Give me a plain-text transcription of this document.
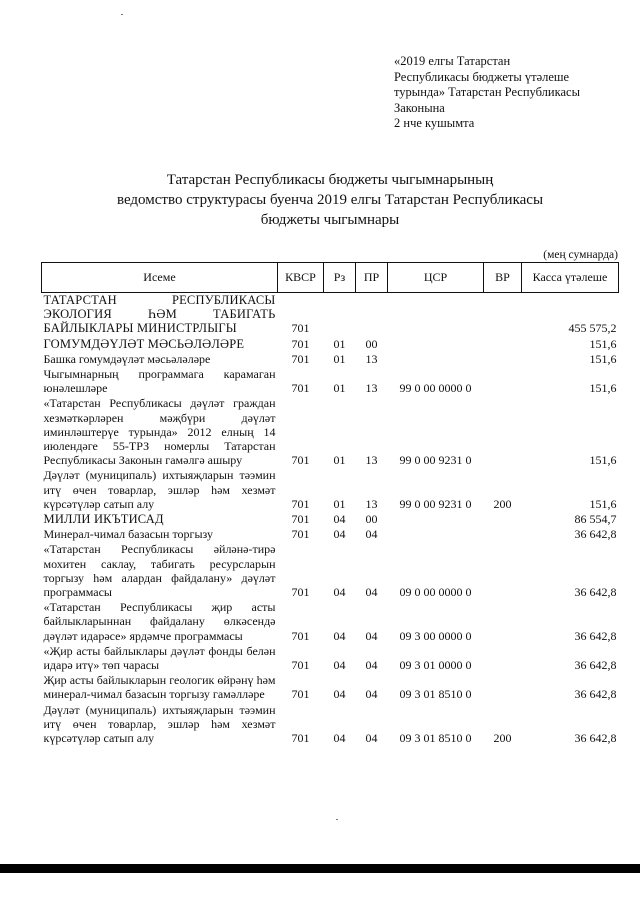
«2019 елгы Татарстан
Республикасы бюджеты үтәлеше
турында» Татарстан Республикасы
Законына
2 нче кушымта
Татарстан Республикасы бюджеты чыгымнарының
ведомство структурасы буенча 2019 елгы Татарстан Республикасы
бюджеты чыгымнары
(мең сумнарда)
Исеме	КВСР	Рз	ПР	ЦСР	ВР	Касса үтәлеше
ТАТАРСТАН РЕСПУБЛИКАСЫ ЭКОЛОГИЯ ҺӘМ ТАБИГАТЬ БАЙЛЫКЛАРЫ МИНИСТРЛЫГЫ	701					455 575,2
ГОМУМДӘҮЛӘТ МӘСЬӘЛӘЛӘРЕ	701	01	00			151,6
Башка гомумдәүләт мәсьәләләре	701	01	13			151,6
Чыгымнарның программага карамаган юнәлешләре	701	01	13	99 0 00 0000 0		151,6
«Татарстан Республикасы дәүләт граждан хезмәткәрләрен мәҗбүри дәүләт иминләштерүе турында» 2012 елның 14 июлендәге 55-ТРЗ номерлы Татарстан Республикасы Законын гамәлгә ашыру	701	01	13	99 0 00 9231 0		151,6
Дәүләт (муниципаль) ихтыяҗларын тәэмин итү өчен товарлар, эшләр һәм хезмәт күрсәтүләр сатып алу	701	01	13	99 0 00 9231 0	200	151,6
МИЛЛИ ИКЪТИСАД	701	04	00			86 554,7
Минерал-чимал базасын торгызу	701	04	04			36 642,8
«Татарстан Республикасы әйләнә-тирә мохитен саклау, табигать ресурсларын торгызу һәм алардан файдалану» дәүләт программасы	701	04	04	09 0 00 0000 0		36 642,8
«Татарстан Республикасы җир асты байлыкларыннан файдалану өлкәсендә дәүләт идарәсе» ярдәмче программасы	701	04	04	09 3 00 0000 0		36 642,8
«Җир асты байлыклары дәүләт фонды белән идарә итү» төп чарасы	701	04	04	09 3 01 0000 0		36 642,8
Җир асты байлыкларын геологик өйрәнү һәм минерал-чимал базасын торгызу гамәлләре	701	04	04	09 3 01 8510 0		36 642,8
Дәүләт (муниципаль) ихтыяҗларын тәэмин итү өчен товарлар, эшләр һәм хезмәт күрсәтүләр сатып алу	701	04	04	09 3 01 8510 0	200	36 642,8
